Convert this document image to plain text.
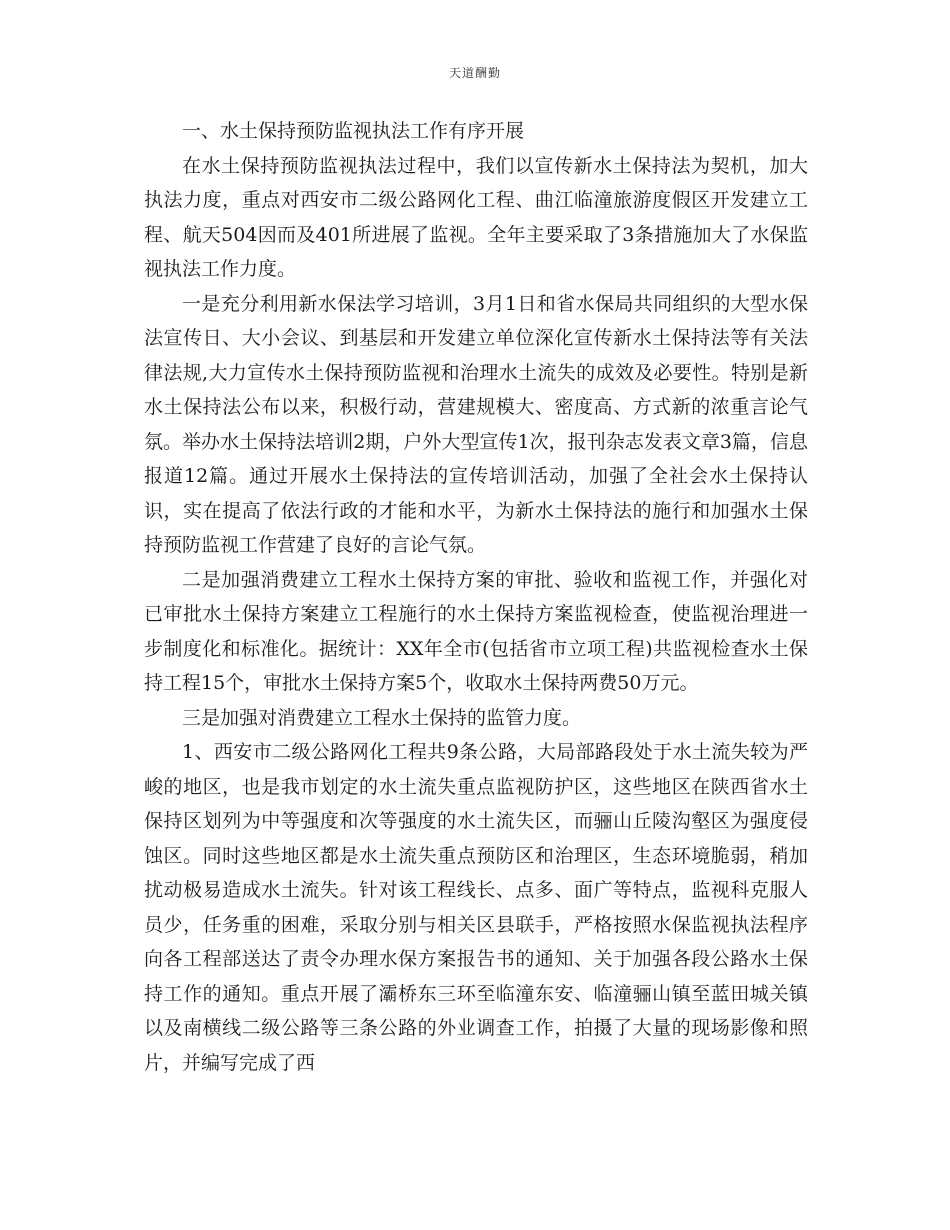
天道酬勤

一、水土保持预防监视执法工作有序开展

在水土保持预防监视执法过程中，我们以宣传新水土保持法为契机，加大执法力度，重点对西安市二级公路网化工程、曲江临潼旅游度假区开发建立工程、航天504因而及401所进展了监视。全年主要采取了3条措施加大了水保监视执法工作力度。

一是充分利用新水保法学习培训，3月1日和省水保局共同组织的大型水保法宣传日、大小会议、到基层和开发建立单位深化宣传新水土保持法等有关法律法规,大力宣传水土保持预防监视和治理水土流失的成效及必要性。特别是新水土保持法公布以来，积极行动，营建规模大、密度高、方式新的浓重言论气氛。举办水土保持法培训2期，户外大型宣传1次，报刊杂志发表文章3篇，信息报道12篇。通过开展水土保持法的宣传培训活动，加强了全社会水土保持认识，实在提高了依法行政的才能和水平，为新水土保持法的施行和加强水土保持预防监视工作营建了良好的言论气氛。

二是加强消费建立工程水土保持方案的审批、验收和监视工作，并强化对已审批水土保持方案建立工程施行的水土保持方案监视检查，使监视治理进一步制度化和标准化。据统计：XX年全市(包括省市立项工程)共监视检查水土保持工程15个，审批水土保持方案5个，收取水土保持两费50万元。

三是加强对消费建立工程水土保持的监管力度。

1、西安市二级公路网化工程共9条公路，大局部路段处于水土流失较为严峻的地区，也是我市划定的水土流失重点监视防护区，这些地区在陕西省水土保持区划列为中等强度和次等强度的水土流失区，而骊山丘陵沟壑区为强度侵蚀区。同时这些地区都是水土流失重点预防区和治理区，生态环境脆弱，稍加扰动极易造成水土流失。针对该工程线长、点多、面广等特点，监视科克服人员少，任务重的困难，采取分别与相关区县联手，严格按照水保监视执法程序向各工程部送达了责令办理水保方案报告书的通知、关于加强各段公路水土保持工作的通知。重点开展了灞桥东三环至临潼东安、临潼骊山镇至蓝田城关镇以及南横线二级公路等三条公路的外业调查工作，拍摄了大量的现场影像和照片，并编写完成了西
